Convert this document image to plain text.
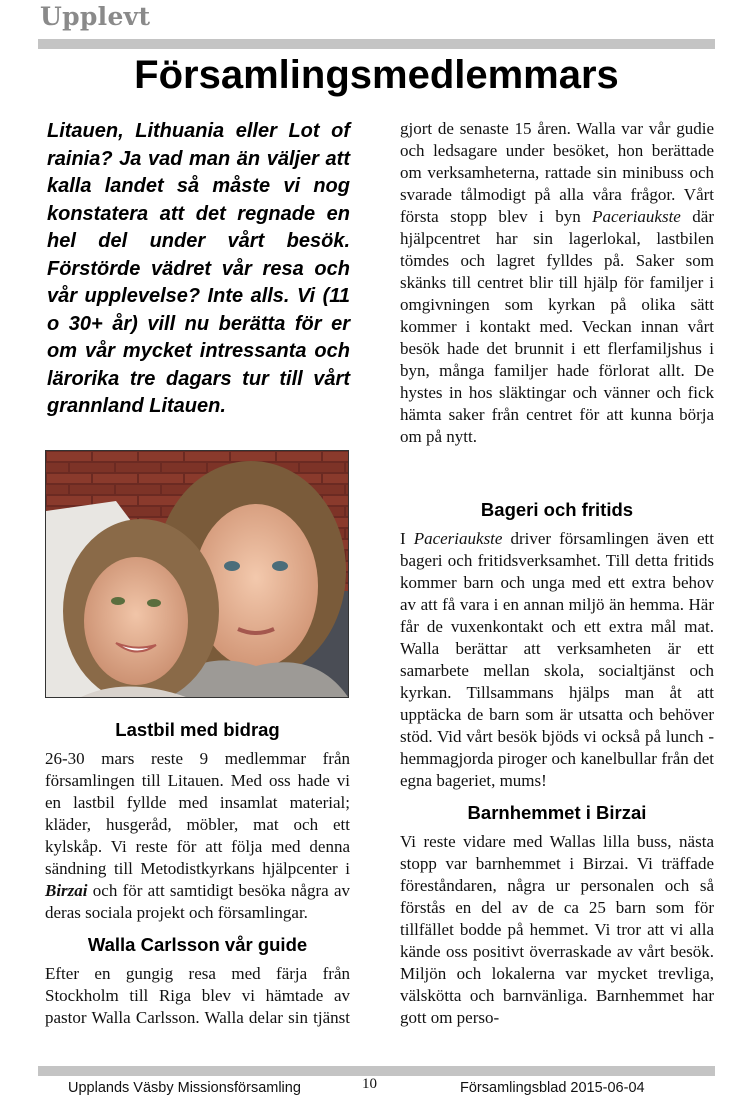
Upplevt
Församlingsmedlemmars

Litauen, Lithuania eller Lot of rainia? Ja vad man än väljer att kalla landet så måste vi nog konstatera att det regnade en hel del under vårt besök. Förstörde vädret vår resa och vår upplevelse? Inte alls. Vi (11 o 30+ år) vill nu berätta för er om vår mycket intressanta och lärorika tre dagars tur till vårt grannland Litauen.

Lastbil med bidrag

26-30 mars reste 9 medlemmar från församlingen till Litauen. Med oss hade vi en lastbil fyllde med insamlat material; kläder, husgeråd, möbler, mat och ett kylskåp. Vi reste för att följa med denna sändning till Metodistkyrkans hjälpcenter i Birzai och för att samtidigt besöka några av deras sociala projekt och församlingar.

Walla Carlsson vår guide

Efter en gungig resa med färja från Stockholm till Riga blev vi hämtade av pastor Walla Carlsson. Walla delar sin tjänst

gjort de senaste 15 åren. Walla var vår gudie och ledsagare under besöket, hon berättade om verksamheterna, rattade sin minibuss och svarade tålmodigt på alla våra frågor. Vårt första stopp blev i byn Paceriaukste där hjälpcentret har sin lagerlokal, lastbilen tömdes och lagret fylldes på. Saker som skänks till centret blir till hjälp för familjer i omgivningen som kyrkan på olika sätt kommer i kontakt med. Veckan innan vårt besök hade det brunnit i ett flerfamiljshus i byn, många familjer hade förlorat allt. De hystes in hos släktingar och vänner och fick hämta saker från centret för att kunna börja om på nytt.

Bageri och fritids

I Paceriaukste driver församlingen även ett bageri och fritidsverksamhet. Till detta fritids kommer barn och unga med ett extra behov av att få vara i en annan miljö än hemma. Här får de vuxenkontakt och ett extra mål mat. Walla berättar att verksamheten är ett samarbete mellan skola, socialtjänst och kyrkan. Tillsammans hjälps man åt att upptäcka de barn som är utsatta och behöver stöd. Vid vårt besök bjöds vi också på lunch - hemmagjorda piroger och kanelbullar från det egna bageriet, mums!

Barnhemmet i Birzai

Vi reste vidare med Wallas lilla buss, nästa stopp var barnhemmet i Birzai. Vi träffade föreståndaren, några ur personalen och så förstås en del av de ca 25 barn som för tillfället bodde på hemmet. Vi tror att vi alla kände oss positivt överraskade av vårt besök. Miljön och lokalerna var mycket trevliga, välskötta och barnvänliga. Barnhemmet har gott om perso-

Upplands Väsby Missionsförsamling	10	Församlingsblad 2015-06-04
